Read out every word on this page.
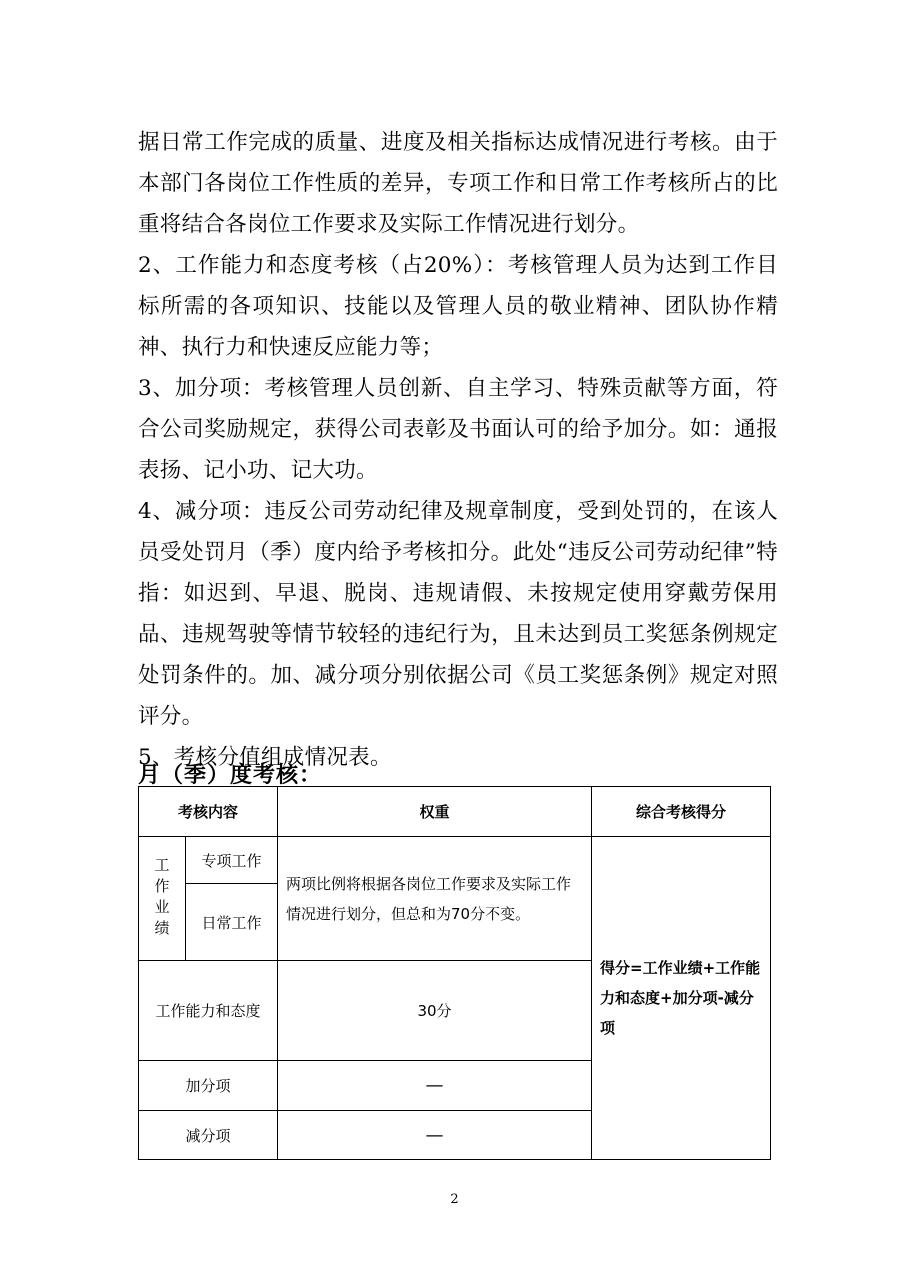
据日常工作完成的质量、进度及相关指标达成情况进行考核。由于本部门各岗位工作性质的差异，专项工作和日常工作考核所占的比重将结合各岗位工作要求及实际工作情况进行划分。

2、工作能力和态度考核（占20%）：考核管理人员为达到工作目标所需的各项知识、技能以及管理人员的敬业精神、团队协作精神、执行力和快速反应能力等；

3、加分项：考核管理人员创新、自主学习、特殊贡献等方面，符合公司奖励规定，获得公司表彰及书面认可的给予加分。如：通报表扬、记小功、记大功。

4、减分项：违反公司劳动纪律及规章制度，受到处罚的，在该人员受处罚月（季）度内给予考核扣分。此处“违反公司劳动纪律”特指：如迟到、早退、脱岗、违规请假、未按规定使用穿戴劳保用品、违规驾驶等情节较轻的违纪行为，且未达到员工奖惩条例规定处罚条件的。加、减分项分别依据公司《员工奖惩条例》规定对照评分。

5、考核分值组成情况表。

月（季）度考核：
考核内容		权重	综合考核得分

工作业绩	专项工作	两项比例将根据各岗位工作要求及实际工作情况进行划分，但总和为70分不变。	得分=工作业绩+工作能力和态度+加分项-减分项
	日常工作		
工作能力和态度		30分	
加分项		—	
减分项		—	
2
